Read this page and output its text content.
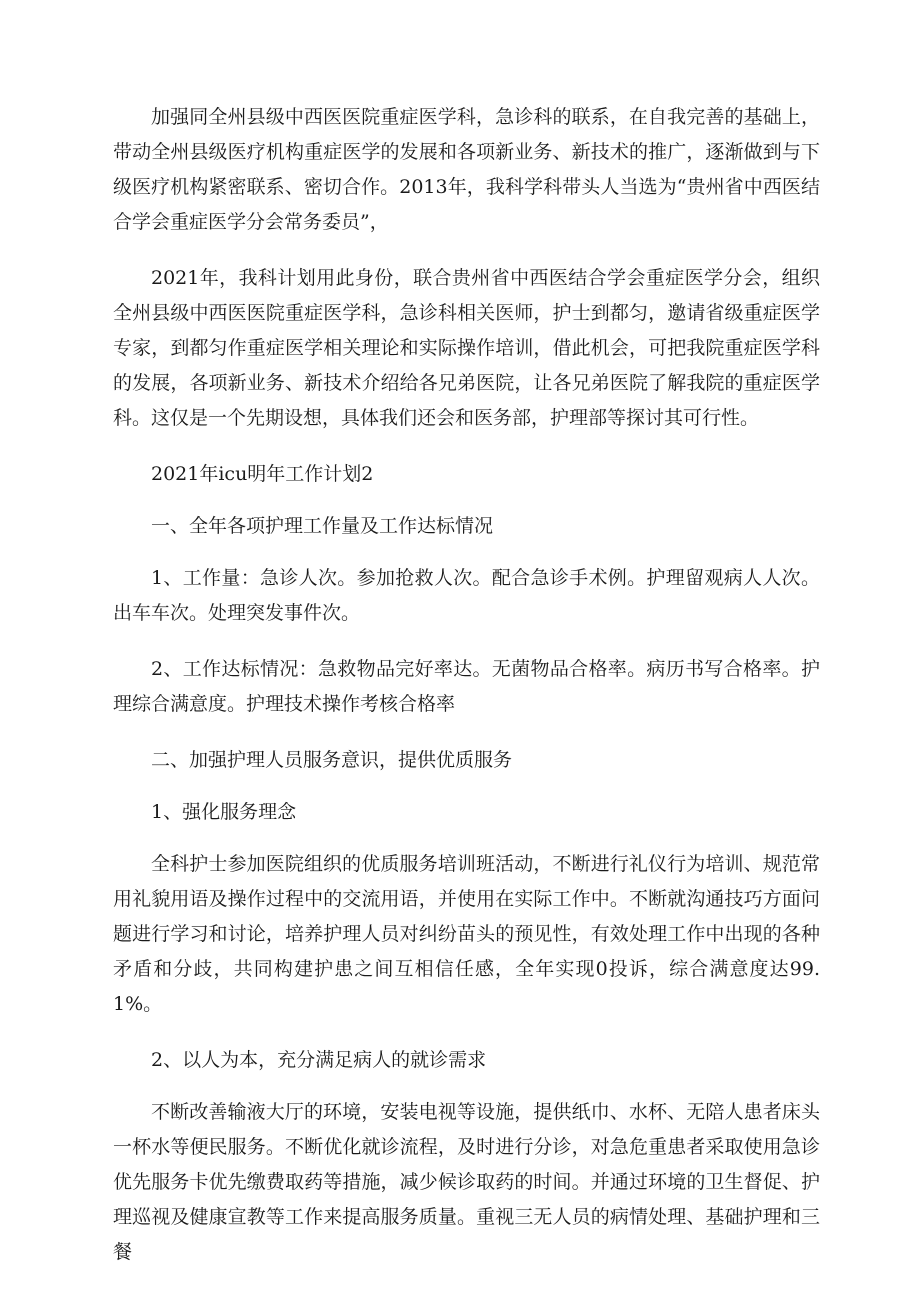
加强同全州县级中西医医院重症医学科，急诊科的联系，在自我完善的基础上，带动全州县级医疗机构重症医学的发展和各项新业务、新技术的推广，逐渐做到与下级医疗机构紧密联系、密切合作。2013年，我科学科带头人当选为“贵州省中西医结合学会重症医学分会常务委员”，

2021年，我科计划用此身份，联合贵州省中西医结合学会重症医学分会，组织全州县级中西医医院重症医学科，急诊科相关医师，护士到都匀，邀请省级重症医学专家，到都匀作重症医学相关理论和实际操作培训，借此机会，可把我院重症医学科的发展，各项新业务、新技术介绍给各兄弟医院，让各兄弟医院了解我院的重症医学科。这仅是一个先期设想，具体我们还会和医务部，护理部等探讨其可行性。

2021年icu明年工作计划2

一、全年各项护理工作量及工作达标情况

1、工作量：急诊人次。参加抢救人次。配合急诊手术例。护理留观病人人次。出车车次。处理突发事件次。

2、工作达标情况：急救物品完好率达。无菌物品合格率。病历书写合格率。护理综合满意度。护理技术操作考核合格率

二、加强护理人员服务意识，提供优质服务

1、强化服务理念

全科护士参加医院组织的优质服务培训班活动，不断进行礼仪行为培训、规范常用礼貌用语及操作过程中的交流用语，并使用在实际工作中。不断就沟通技巧方面问题进行学习和讨论，培养护理人员对纠纷苗头的预见性，有效处理工作中出现的各种矛盾和分歧，共同构建护患之间互相信任感，全年实现0投诉，综合满意度达99.1%。

2、以人为本，充分满足病人的就诊需求

不断改善输液大厅的环境，安装电视等设施，提供纸巾、水杯、无陪人患者床头一杯水等便民服务。不断优化就诊流程，及时进行分诊，对急危重患者采取使用急诊优先服务卡优先缴费取药等措施，减少候诊取药的时间。并通过环境的卫生督促、护理巡视及健康宣教等工作来提高服务质量。重视三无人员的病情处理、基础护理和三餐
